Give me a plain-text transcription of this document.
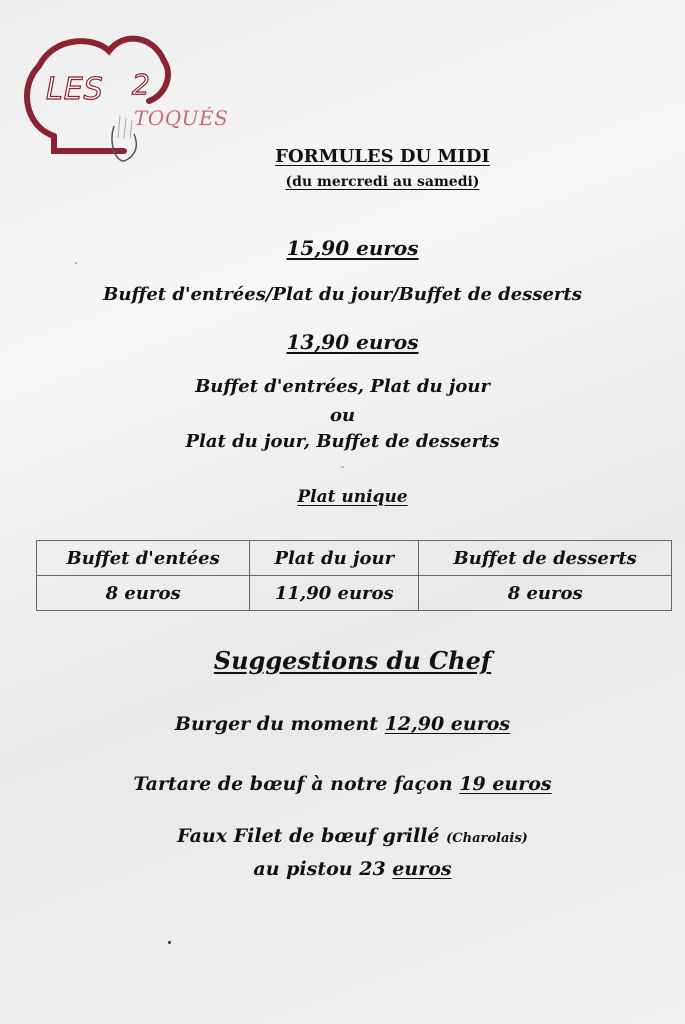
LES 2
TOQUÉS
FORMULES DU MIDI
(du mercredi au samedi)
15,90 euros
Buffet d'entrées/Plat du jour/Buffet de desserts
13,90 euros
Buffet d'entrées, Plat du jour
ou
Plat du jour, Buffet de desserts
-
Plat unique
Buffet d'entées	Plat du jour	Buffet de desserts
8 euros	11,90 euros	8 euros
Suggestions du Chef
Burger du moment 12,90 euros
Tartare de bœuf à notre façon 19 euros
Faux Filet de bœuf grillé (Charolais)
au pistou 23 euros
